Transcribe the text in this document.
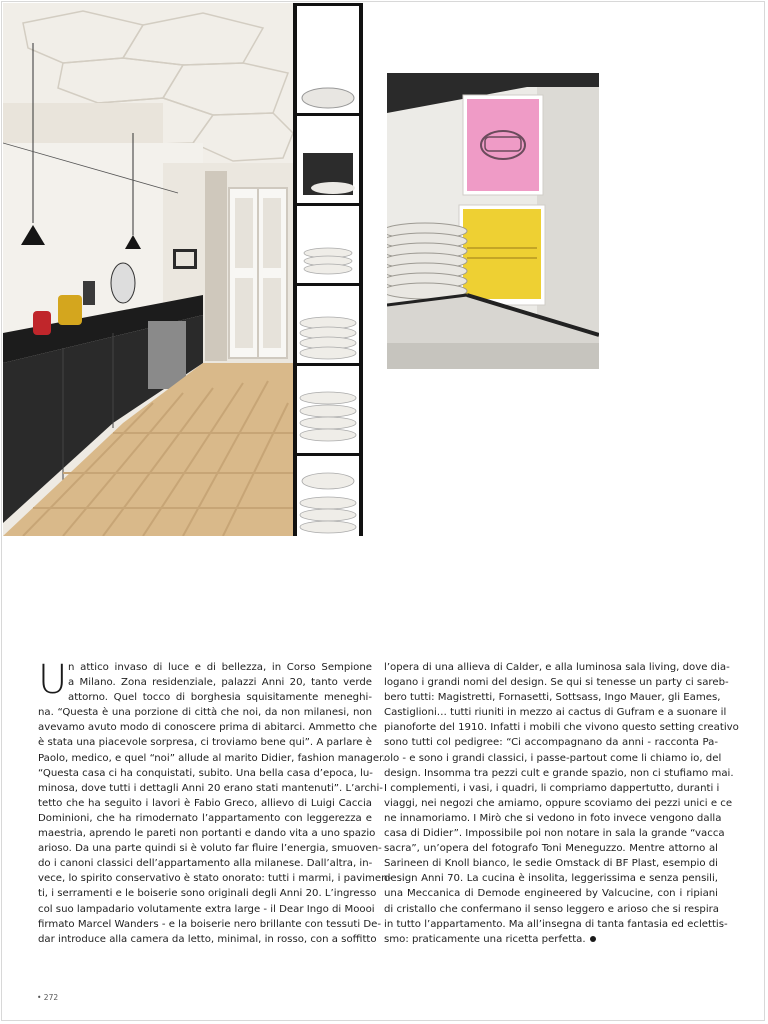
U n attico invaso di luce e di bellezza, in Corso Sempione
a Milano. Zona residenziale, palazzi Anni 20, tanto verde
attorno. Quel tocco di borghesia squisitamente meneghi-
na. “Questa è una porzione di città che noi, da non milanesi, non
avevamo avuto modo di conoscere prima di abitarci. Ammetto che
è stata una piacevole sorpresa, ci troviamo bene qui”. A parlare è
Paolo, medico, e quel “noi” allude al marito Didier, fashion manager.
“Questa casa ci ha conquistati, subito. Una bella casa d’epoca, lu-
minosa, dove tutti i dettagli Anni 20 erano stati mantenuti”. L’archi-
tetto che ha seguito i lavori è Fabio Greco, allievo di Luigi Caccia
Dominioni, che ha rimodernato l’appartamento con leggerezza e
maestria, aprendo le pareti non portanti e dando vita a uno spazio
arioso. Da una parte quindi si è voluto far fluire l’energia, smuoven-
do i canoni classici dell’appartamento alla milanese. Dall’altra, in-
vece, lo spirito conservativo è stato onorato: tutti i marmi, i pavimen-
ti, i serramenti e le boiserie sono originali degli Anni 20. L’ingresso
col suo lampadario volutamente extra large - il Dear Ingo di Moooi
firmato Marcel Wanders - e la boiserie nero brillante con tessuti De-
dar introduce alla camera da letto, minimal, in rosso, con a soffitto
l’opera di una allieva di Calder, e alla luminosa sala living, dove dia-
logano i grandi nomi del design. Se qui si tenesse un party ci sareb-
bero tutti: Magistretti, Fornasetti, Sottsass, Ingo Mauer, gli Eames,
Castiglioni… tutti riuniti in mezzo ai cactus di Gufram e a suonare il
pianoforte del 1910. Infatti i mobili che vivono questo setting creativo
sono tutti col pedigree: “Ci accompagnano da anni - racconta Pa-
olo - e sono i grandi classici, i passe-partout come li chiamo io, del
design. Insomma tra pezzi cult e grande spazio, non ci stufiamo mai.
I complementi, i vasi, i quadri, li compriamo dappertutto, duranti i
viaggi, nei negozi che amiamo, oppure scoviamo dei pezzi unici e ce
ne innamoriamo. I Mirò che si vedono in foto invece vengono dalla
casa di Didier”. Impossibile poi non notare in sala la grande “vacca
sacra”, un’opera del fotografo Toni Meneguzzo. Mentre attorno al
Sarineen di Knoll bianco, le sedie Omstack di BF Plast, esempio di
design Anni 70. La cucina è insolita, leggerissima e senza pensili,
una Meccanica di Demode engineered by Valcucine, con i ripiani
di cristallo che confermano il senso leggero e arioso che si respira
in tutto l’appartamento. Ma all’insegna di tanta fantasia ed eclettis-
smo: praticamente una ricetta perfetta.
• 272
